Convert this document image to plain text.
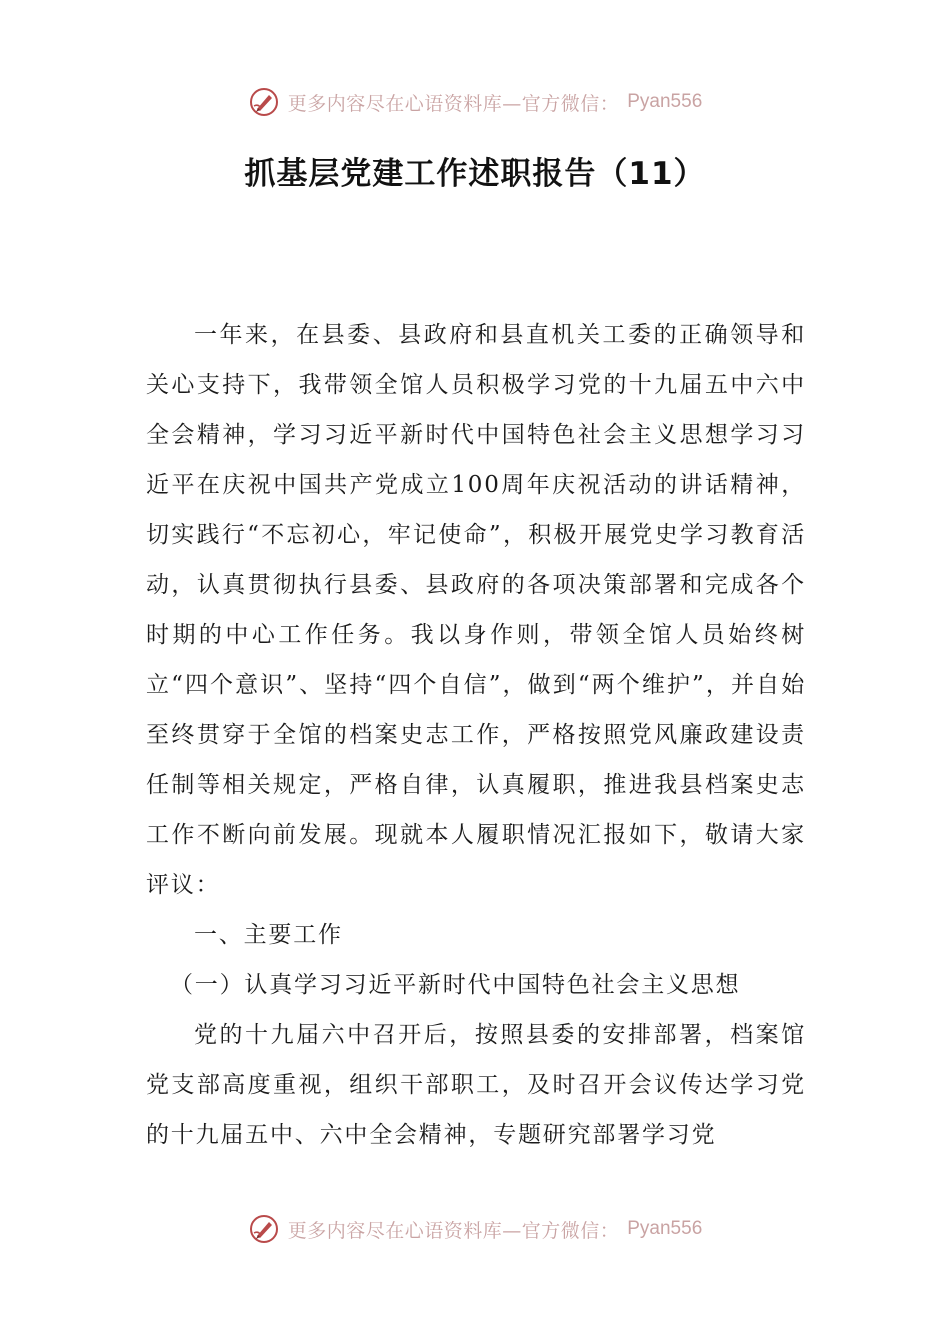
更多内容尽在心语资料库—官方微信： Pyan556
抓基层党建工作述职报告（11）

一年来，在县委、县政府和县直机关工委的正确领导和关心支持下，我带领全馆人员积极学习党的十九届五中六中全会精神，学习习近平新时代中国特色社会主义思想学习习近平在庆祝中国共产党成立100周年庆祝活动的讲话精神，切实践行“不忘初心，牢记使命”，积极开展党史学习教育活动，认真贯彻执行县委、县政府的各项决策部署和完成各个时期的中心工作任务。我以身作则，带领全馆人员始终树立“四个意识”、坚持“四个自信”，做到“两个维护”，并自始至终贯穿于全馆的档案史志工作，严格按照党风廉政建设责任制等相关规定，严格自律，认真履职，推进我县档案史志工作不断向前发展。现就本人履职情况汇报如下，敬请大家评议：

一、主要工作

（一）认真学习习近平新时代中国特色社会主义思想

党的十九届六中召开后，按照县委的安排部署，档案馆党支部高度重视，组织干部职工，及时召开会议传达学习党的十九届五中、六中全会精神，专题研究部署学习党

更多内容尽在心语资料库—官方微信： Pyan556
